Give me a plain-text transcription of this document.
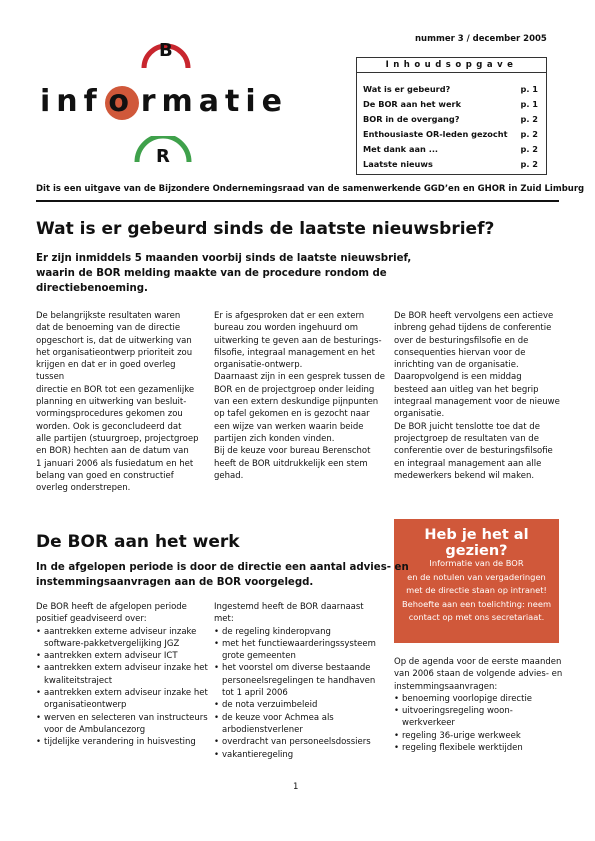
B
R
inf o rmatie
nummer 3 / december 2005
Inhoudsopgave
Wat is er gebeurd?	p. 1
De BOR aan het werk	p. 1
BOR in de overgang?	p. 2
Enthousiaste OR-leden gezocht p. 2
Met dank aan ...	p. 2
Laatste nieuws	p. 2
Dit is een uitgave van de Bijzondere Ondernemingsraad van de samenwerkende GGD’en en GHOR in Zuid Limburg
Wat is er gebeurd sinds de laatste nieuwsbrief?
Er zijn inmiddels 5 maanden voorbij sinds de laatste nieuwsbrief,
waarin de BOR melding maakte van de procedure rondom de
directiebenoeming.
De belangrijkste resultaten waren
dat de benoeming van de directie
opgeschort is, dat de uitwerking van
het organisatieontwerp prioriteit zou
krijgen en dat er in goed overleg tussen
directie en BOR tot een gezamenlijke
planning en uitwerking van besluit-
vormingsprocedures gekomen zou
worden. Ook is geconcludeerd dat
alle partijen (stuurgroep, projectgroep
en BOR) hechten aan de datum van
1 januari 2006 als fusiedatum en het
belang van goed en constructief
overleg onderstrepen.
Er is afgesproken dat er een extern
bureau zou worden ingehuurd om
uitwerking te geven aan de besturings-
filsofie, integraal management en het
organisatie-ontwerp.
Daarnaast zijn in een gesprek tussen de
BOR en de projectgroep onder leiding
van een extern deskundige pijnpunten
op tafel gekomen en is gezocht naar
een wijze van werken waarin beide
partijen zich konden vinden.
Bij de keuze voor bureau Berenschot
heeft de BOR uitdrukkelijk een stem
gehad.
De BOR heeft vervolgens een actieve
inbreng gehad tijdens de conferentie
over de besturingsfilsofie en de
consequenties hiervan voor de
inrichting van de organisatie.
Daaropvolgend is een middag
besteed aan uitleg van het begrip
integraal management voor de nieuwe
organisatie.
De BOR juicht tenslotte toe dat de
projectgroep de resultaten van de
conferentie over de besturingsfilsofie
en integraal management aan alle
medewerkers bekend wil maken.
Heb je het al gezien?
Informatie van de BOR
en de notulen van vergaderingen
met de directie staan op intranet!
Behoefte aan een toelichting: neem
contact op met ons secretariaat.
De BOR aan het werk
In de afgelopen periode is door de directie een aantal advies- en
instemmingsaanvragen aan de BOR voorgelegd.
De BOR heeft de afgelopen periode
positief geadviseerd over:
• aantrekken externe adviseur inzake
software-pakketvergelijking JGZ
• aantrekken extern adviseur ICT
• aantrekken extern adviseur inzake het
kwaliteitstraject
• aantrekken extern adviseur inzake het
organisatieontwerp
• werven en selecteren van instructeurs
voor de Ambulancezorg
• tijdelijke verandering in huisvesting
Ingestemd heeft de BOR daarnaast met:
• de regeling kinderopvang
• met het functiewaarderingssysteem
grote gemeenten
• het voorstel om diverse bestaande
personeelsregelingen te handhaven
tot 1 april 2006
• de nota verzuimbeleid
• de keuze voor Achmea als
arbodienstverlener
• overdracht van personeelsdossiers
• vakantieregeling
Op de agenda voor de eerste maanden
van 2006 staan de volgende advies- en
instemmingsaanvragen:
• benoeming voorlopige directie
• uitvoeringsregeling woon-werkverkeer
• regeling 36-urige werkweek
• regeling flexibele werktijden
1
